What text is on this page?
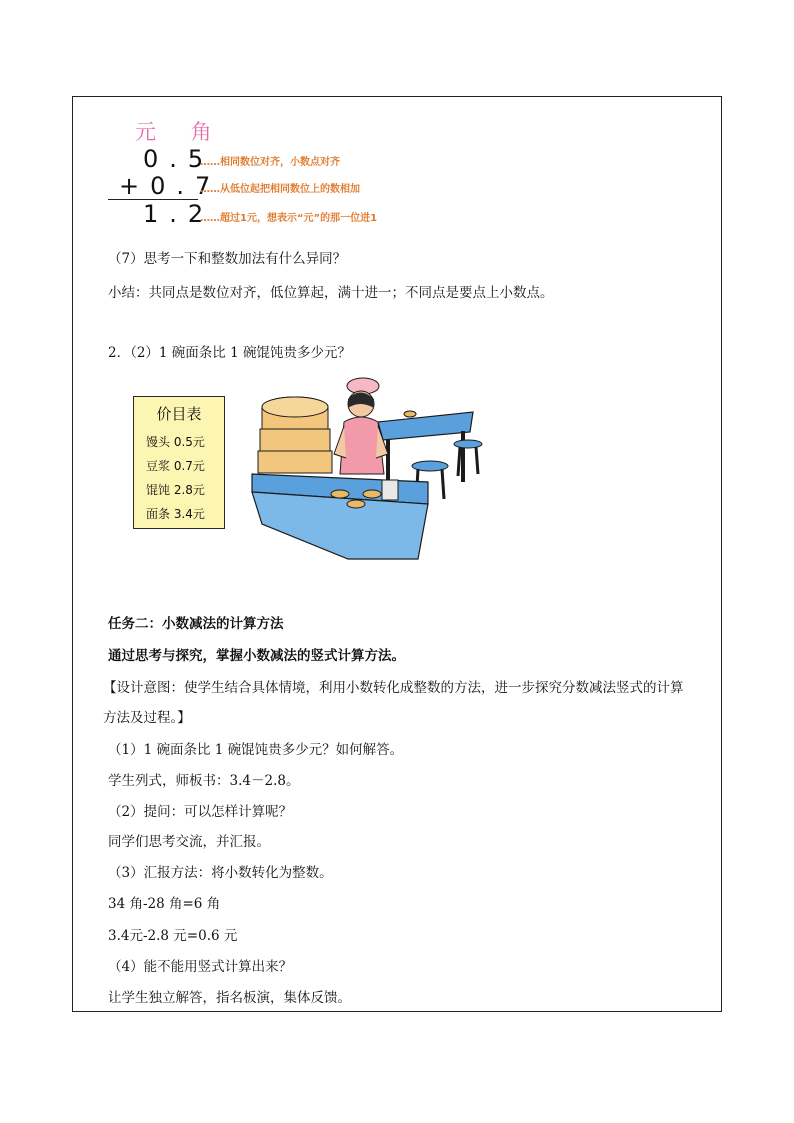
元 角
0.5
+0.7
1.2
……相同数位对齐，小数点对齐
……从低位起把相同数位上的数相加
……超过1元，想表示“元”的那一位进1
（7）思考一下和整数加法有什么异同？
小结：共同点是数位对齐，低位算起，满十进一；不同点是要点上小数点。
2．（2）1 碗面条比 1 碗馄饨贵多少元？
价目表
馒头 0.5元
豆浆 0.7元
馄饨 2.8元
面条 3.4元
任务二：小数减法的计算方法
通过思考与探究，掌握小数减法的竖式计算方法。
【设计意图：使学生结合具体情境，利用小数转化成整数的方法，进一步探究分数减法竖式的计算
方法及过程。】
（1）1 碗面条比 1 碗馄饨贵多少元？如何解答。
学生列式，师板书：3.4－2.8。
（2）提问：可以怎样计算呢？
同学们思考交流，并汇报。
（3）汇报方法：将小数转化为整数。
34 角-28 角=6 角
3.4元-2.8 元=0.6 元
（4）能不能用竖式计算出来？
让学生独立解答，指名板演，集体反馈。
